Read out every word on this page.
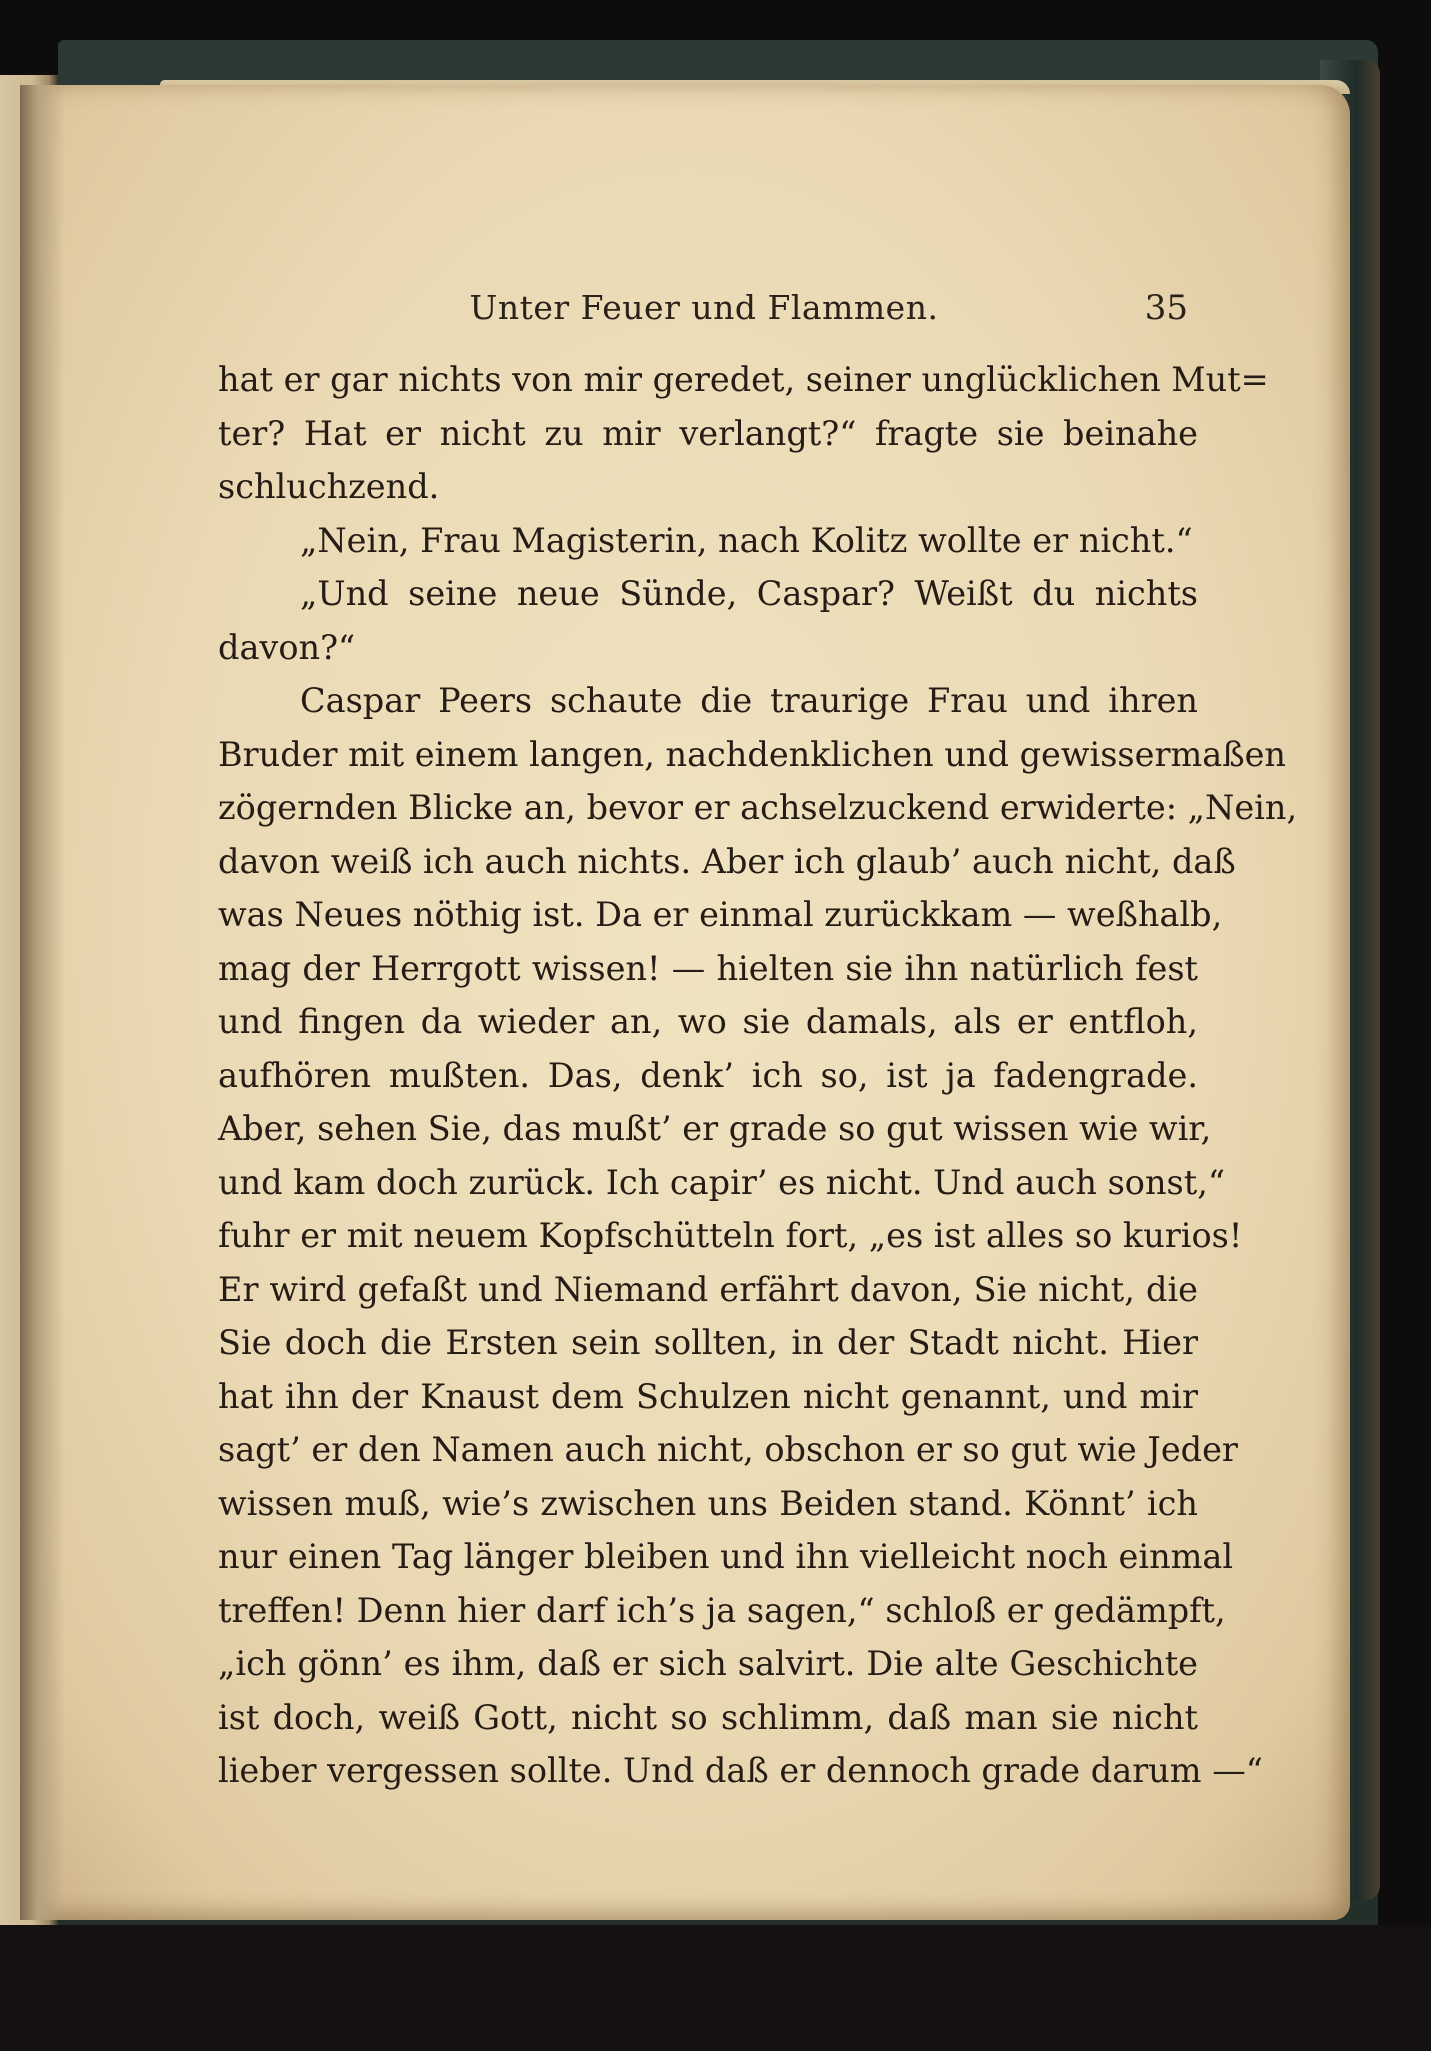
Unter Feuer und Flammen.	35
hat er gar nichts von mir geredet, seiner unglücklichen Mut=
ter? Hat er nicht zu mir verlangt?“ fragte sie beinahe
schluchzend.
„Nein, Frau Magisterin, nach Kolitz wollte er nicht.“
„Und seine neue Sünde, Caspar? Weißt du nichts
davon?“
Caspar Peers schaute die traurige Frau und ihren
Bruder mit einem langen, nachdenklichen und gewissermaßen
zögernden Blicke an, bevor er achselzuckend erwiderte: „Nein,
davon weiß ich auch nichts. Aber ich glaub’ auch nicht, daß
was Neues nöthig ist. Da er einmal zurückkam — weßhalb,
mag der Herrgott wissen! — hielten sie ihn natürlich fest
und fingen da wieder an, wo sie damals, als er entfloh,
aufhören mußten. Das, denk’ ich so, ist ja fadengrade.
Aber, sehen Sie, das mußt’ er grade so gut wissen wie wir,
und kam doch zurück. Ich capir’ es nicht. Und auch sonst,“
fuhr er mit neuem Kopfschütteln fort, „es ist alles so kurios!
Er wird gefaßt und Niemand erfährt davon, Sie nicht, die
Sie doch die Ersten sein sollten, in der Stadt nicht. Hier
hat ihn der Knaust dem Schulzen nicht genannt, und mir
sagt’ er den Namen auch nicht, obschon er so gut wie Jeder
wissen muß, wie’s zwischen uns Beiden stand. Könnt’ ich
nur einen Tag länger bleiben und ihn vielleicht noch einmal
treffen! Denn hier darf ich’s ja sagen,“ schloß er gedämpft,
„ich gönn’ es ihm, daß er sich salvirt. Die alte Geschichte
ist doch, weiß Gott, nicht so schlimm, daß man sie nicht
lieber vergessen sollte. Und daß er dennoch grade darum —“
